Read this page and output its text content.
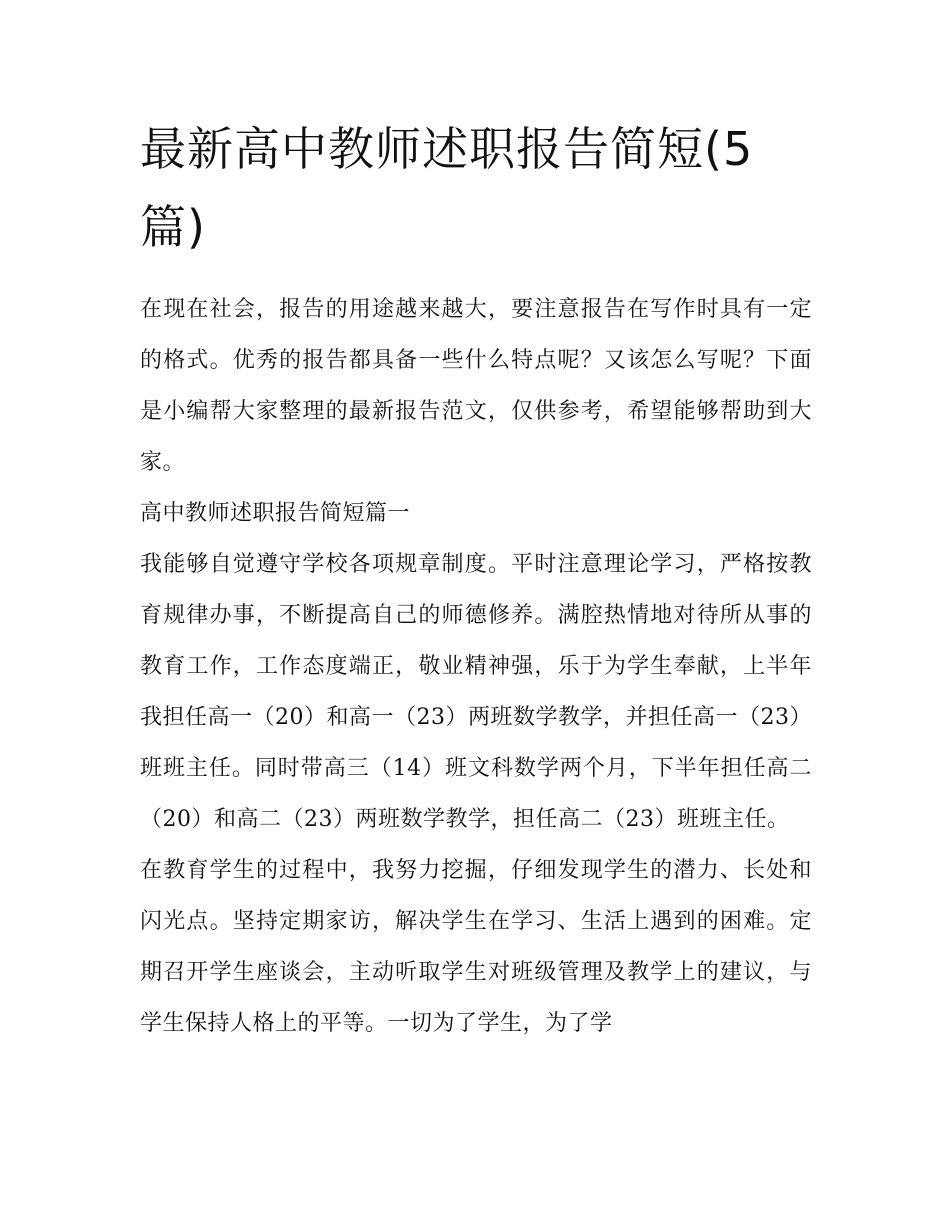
最新高中教师述职报告简短(5篇)

在现在社会，报告的用途越来越大，要注意报告在写作时具有一定的格式。优秀的报告都具备一些什么特点呢？又该怎么写呢？下面是小编帮大家整理的最新报告范文，仅供参考，希望能够帮助到大家。

高中教师述职报告简短篇一

我能够自觉遵守学校各项规章制度。平时注意理论学习，严格按教育规律办事，不断提高自己的师德修养。满腔热情地对待所从事的教育工作，工作态度端正，敬业精神强，乐于为学生奉献，上半年我担任高一（20）和高一（23）两班数学教学，并担任高一（23）班班主任。同时带高三（14）班文科数学两个月，下半年担任高二（20）和高二（23）两班数学教学，担任高二（23）班班主任。

在教育学生的过程中，我努力挖掘，仔细发现学生的潜力、长处和闪光点。坚持定期家访，解决学生在学习、生活上遇到的困难。定期召开学生座谈会，主动听取学生对班级管理及教学上的建议，与学生保持人格上的平等。一切为了学生，为了学
